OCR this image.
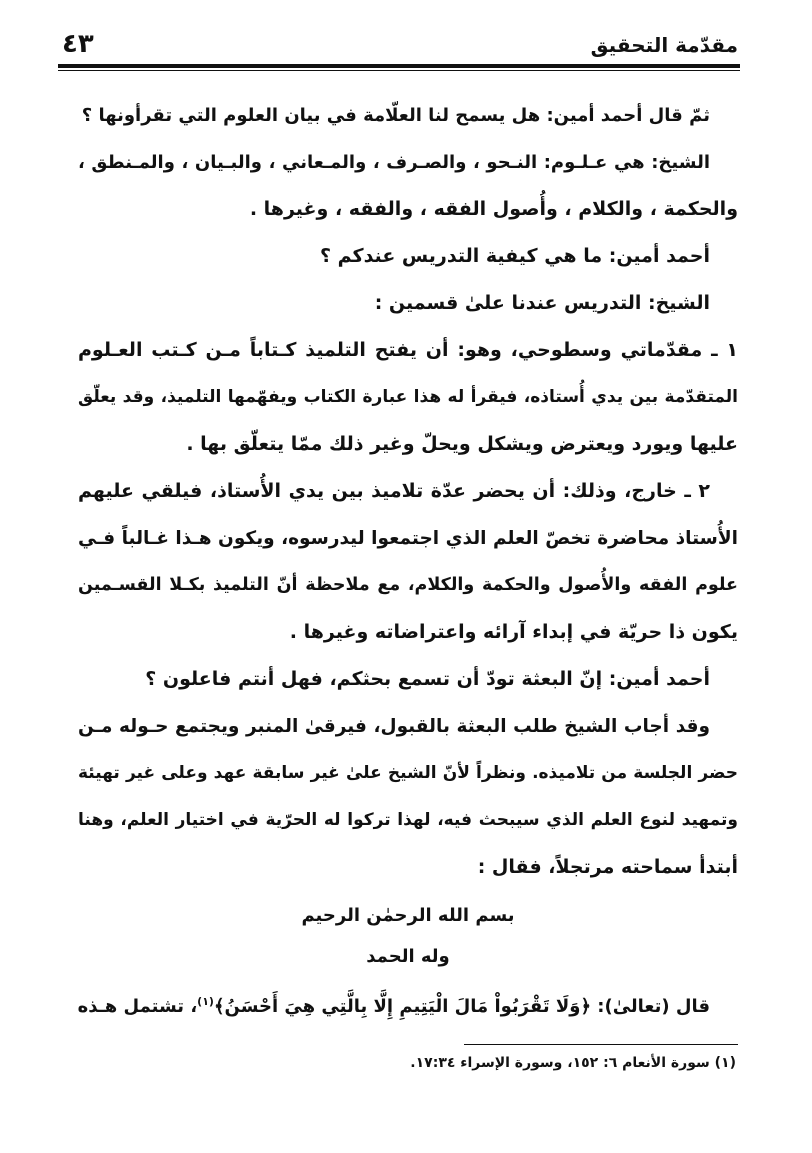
مقدّمة التحقيق
٤٣
ثمّ قال أحمد أمين: هل يسمح لنا العلّامة في بيان العلوم التي تقرأونها ؟
الشيخ: هي عـلـوم: النـحو ، والصـرف ، والمـعاني ، والبـيان ، والمـنطق ،
والحكمة ، والكلام ، وأُصول الفقه ، والفقه ، وغيرها .
أحمد أمين: ما هي كيفية التدريس عندكم ؟
الشيخ: التدريس عندنا علىٰ قسمين :
١ ـ مقدّماتي وسطوحي، وهو: أن يفتح التلميذ كـتاباً مـن كـتب العـلوم
المتقدّمة بين يدي أُستاذه، فيقرأ له هذا عبارة الكتاب ويفهّمها التلميذ، وقد يعلّق
عليها ويورد ويعترض ويشكل ويحلّ وغير ذلك ممّا يتعلّق بها .
٢ ـ خارج، وذلك: أن يحضر عدّة تلاميذ بين يدي الأُستاذ، فيلقي عليهم
الأُستاذ محاضرة تخصّ العلم الذي اجتمعوا ليدرسوه، ويكون هـذا غـالباً فـي
علوم الفقه والأُصول والحكمة والكلام، مع ملاحظة أنّ التلميذ بكـلا القسـمين
يكون ذا حريّة في إبداء آرائه واعتراضاته وغيرها .
أحمد أمين: إنّ البعثة تودّ أن تسمع بحثكم، فهل أنتم فاعلون ؟
وقد أجاب الشيخ طلب البعثة بالقبول، فيرقىٰ المنبر ويجتمع حـوله مـن
حضر الجلسة من تلاميذه. ونظراً لأنّ الشيخ علىٰ غير سابقة عهد وعلى غير تهيئة
وتمهيد لنوع العلم الذي سيبحث فيه، لهذا تركوا له الحرّية في اختيار العلم، وهنا
أبتدأ سماحته مرتجلاً، فقال :
بسم الله الرحمٰن الرحيم
وله الحمد
قال (تعالىٰ): ﴿وَلَا تَقْرَبُواْ مَالَ الْيَتِيمِ إِلَّا بِالَّتِي هِيَ أَحْسَنُ﴾$^{(١)}$، تشتمل هـذه
(١) سورة الأنعام ٦: ١٥٢، وسورة الإسراء ١٧:٣٤.
